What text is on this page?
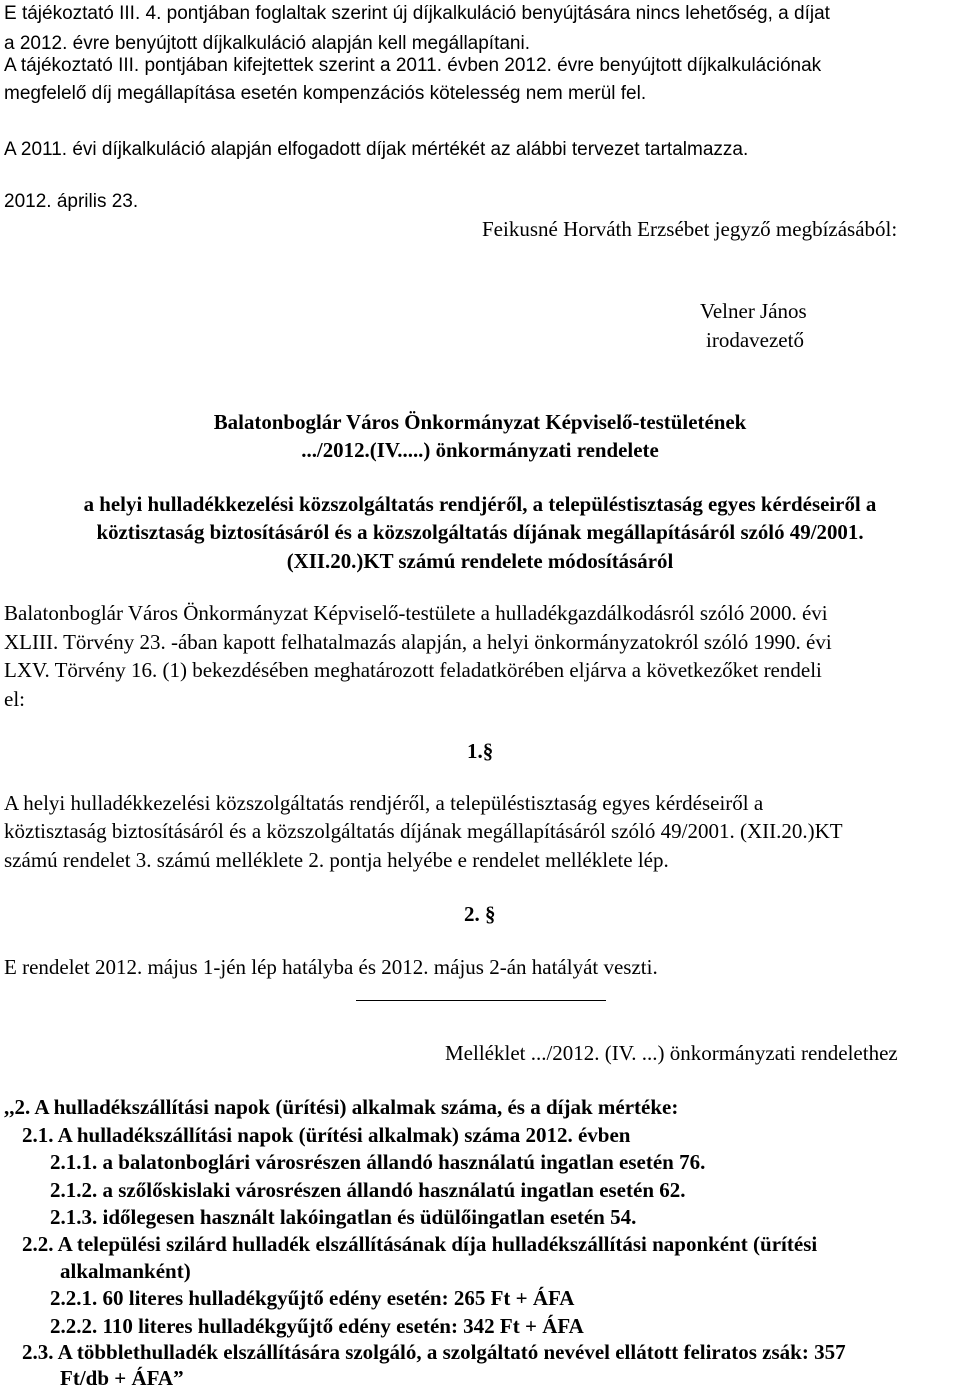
E tájékoztató III. 4. pontjában foglaltak szerint új díjkalkuláció benyújtására nincs lehetőség, a díjat
a 2012. évre benyújtott díjkalkuláció alapján kell megállapítani.
A tájékoztató III. pontjában kifejtettek szerint a 2011. évben 2012. évre benyújtott díjkalkulációnak
megfelelő díj megállapítása esetén kompenzációs kötelesség nem merül fel.
A 2011. évi díjkalkuláció alapján elfogadott díjak mértékét az alábbi tervezet tartalmazza.
2012. április 23.
Feikusné Horváth Erzsébet jegyző megbízásából:
Velner János
irodavezető
Balatonboglár Város Önkormányzat Képviselő-testületének
.../2012.(IV.....) önkormányzati rendelete
a helyi hulladékkezelési közszolgáltatás rendjéről, a településtisztaság egyes kérdéseiről a
köztisztaság biztosításáról és a közszolgáltatás díjának megállapításáról szóló 49/2001.
(XII.20.)KT számú rendelete módosításáról
Balatonboglár Város Önkormányzat Képviselő-testülete a hulladékgazdálkodásról szóló 2000. évi
XLIII. Törvény 23. -ában kapott felhatalmazás alapján, a helyi önkormányzatokról szóló 1990. évi
LXV. Törvény 16. (1) bekezdésében meghatározott feladatkörében eljárva a következőket rendeli
el:
1.§
A helyi hulladékkezelési közszolgáltatás rendjéről, a településtisztaság egyes kérdéseiről a
köztisztaság biztosításáról és a közszolgáltatás díjának megállapításáról szóló 49/2001. (XII.20.)KT
számú rendelet 3. számú melléklete 2. pontja helyébe e rendelet melléklete lép.
2. §
E rendelet 2012. május 1-jén lép hatályba és 2012. május 2-án hatályát veszti.
Melléklet .../2012. (IV. ...) önkormányzati rendelethez
,,2. A hulladékszállítási napok (ürítési) alkalmak száma, és a díjak mértéke:
2.1. A hulladékszállítási napok (ürítési alkalmak) száma 2012. évben
2.1.1. a balatonboglári városrészen állandó használatú ingatlan esetén 76.
2.1.2. a szőlőskislaki városrészen állandó használatú ingatlan esetén 62.
2.1.3. időlegesen használt lakóingatlan és üdülőingatlan esetén 54.
2.2. A települési szilárd hulladék elszállításának díja hulladékszállítási naponként (ürítési
alkalmanként)
2.2.1. 60 literes hulladékgyűjtő edény esetén: 265 Ft + ÁFA
2.2.2. 110 literes hulladékgyűjtő edény esetén: 342 Ft + ÁFA
2.3. A többlethulladék elszállítására szolgáló, a szolgáltató nevével ellátott feliratos zsák: 357
Ft/db + ÁFA”
